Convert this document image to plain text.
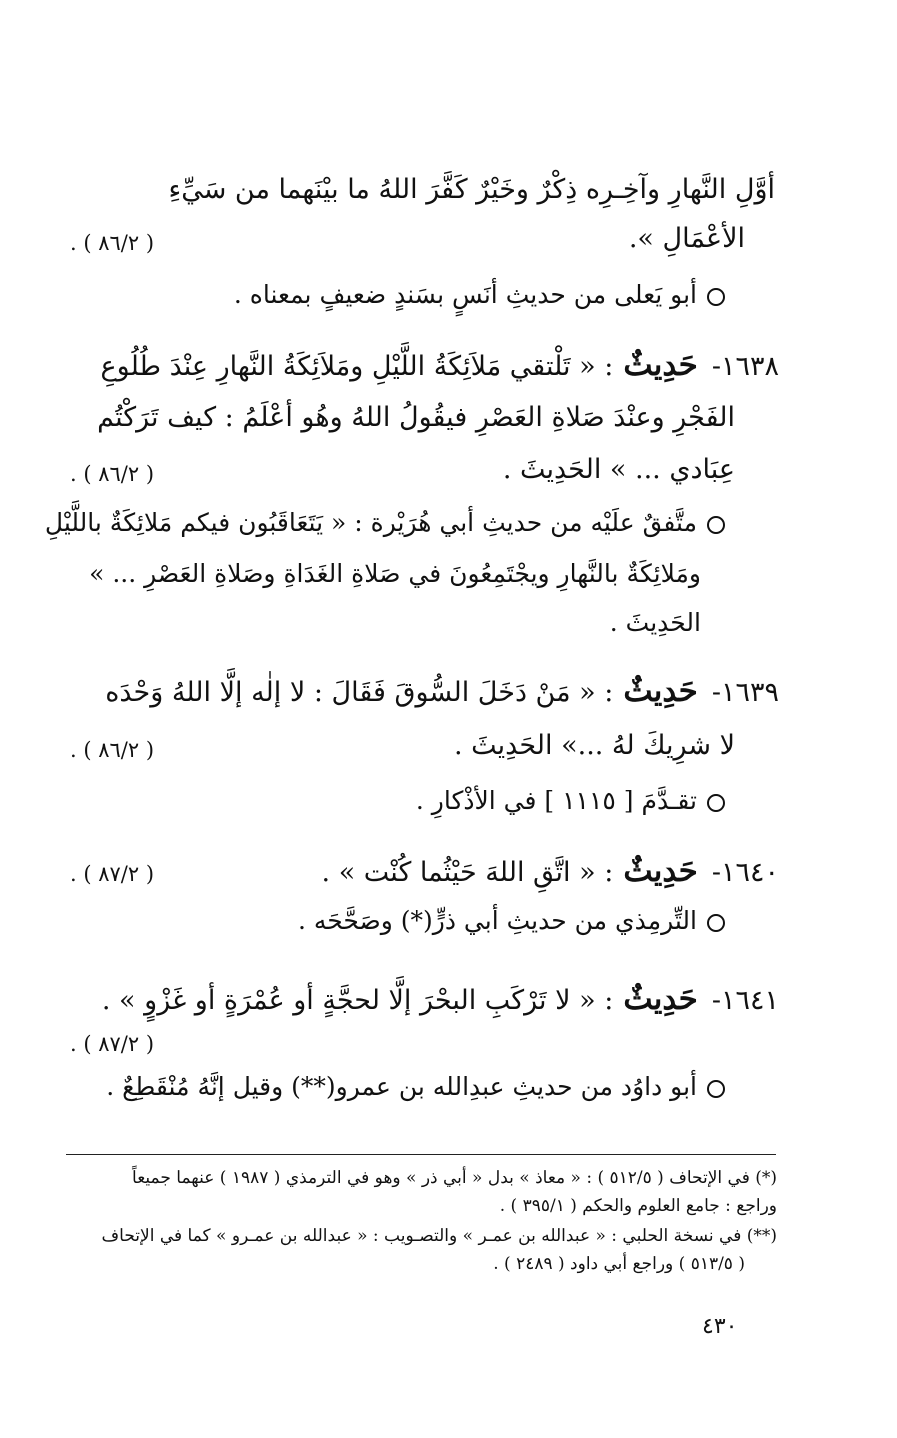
أوَّلِ النَّهارِ وآخِـرِه ذِكْرٌ وخَيْرٌ كَفَّرَ اللهُ ما بيْنَهما من سَيِّءِ
الأعْمَالِ ».
. ( ٨٦/٢ )
أبو يَعلى من حديثِ أنَسٍ بسَندٍ ضعيفٍ بمعناه .
١٦٣٨-حَدِيثٌ: « تَلْتقي مَلاَئِكَةُ اللَّيْلِ ومَلاَئِكَةُ النَّهارِ عِنْدَ طُلُوعِ
الفَجْرِ وعنْدَ صَلاةِ العَصْرِ فيقُولُ اللهُ وهُو أعْلَمُ : كيف تَرَكْتُم
عِبَادي ... » الحَدِيثَ .
. ( ٨٦/٢ )
متَّفقٌ علَيْه من حديثِ أبي هُرَيْرة : « يَتَعَاقَبُون فيكم مَلائِكَةٌ باللَّيْلِ
ومَلائِكَةٌ بالنَّهارِ ويجْتَمِعُونَ في صَلاةِ الغَدَاةِ وصَلاةِ العَصْرِ ... »
الحَدِيثَ .
١٦٣٩-حَدِيثٌ: « مَنْ دَخَلَ السُّوقَ فَقَالَ : لا إلٰه إلَّا اللهُ وَحْدَه
لا شرِيكَ لهُ ...» الحَدِيثَ .
. ( ٨٦/٢ )
تقـدَّمَ [ ١١١٥ ] في الأذْكارِ .
١٦٤٠-حَدِيثٌ: « اتَّقِ اللهَ حَيْثُما كُنْت » .
. ( ٨٧/٢ )
التِّرمِذي من حديثِ أبي ذرٍّ(*) وصَحَّحَه .
١٦٤١-حَدِيثٌ: « لا تَرْكَبِ البحْرَ إلَّا لحجَّةٍ أو عُمْرَةٍ أو غَزْوٍ » .
. ( ٨٧/٢ )
أبو داوُد من حديثِ عبدِالله بن عمرو(**) وقيل إنَّهُ مُنْقَطِعٌ .
(*) في الإتحاف ( ٥١٢/٥ ) : « معاذ » بدل « أبي ذر » وهو في الترمذي ( ١٩٨٧ ) عنهما جميعاً
وراجع : جامع العلوم والحكم ( ٣٩٥/١ ) .
(**) في نسخة الحلبي : « عبدالله بن عمـر » والتصـويب : « عبدالله بن عمـرو » كما في الإتحاف
( ٥١٣/٥ ) وراجع أبي داود ( ٢٤٨٩ ) .
٤٣٠
